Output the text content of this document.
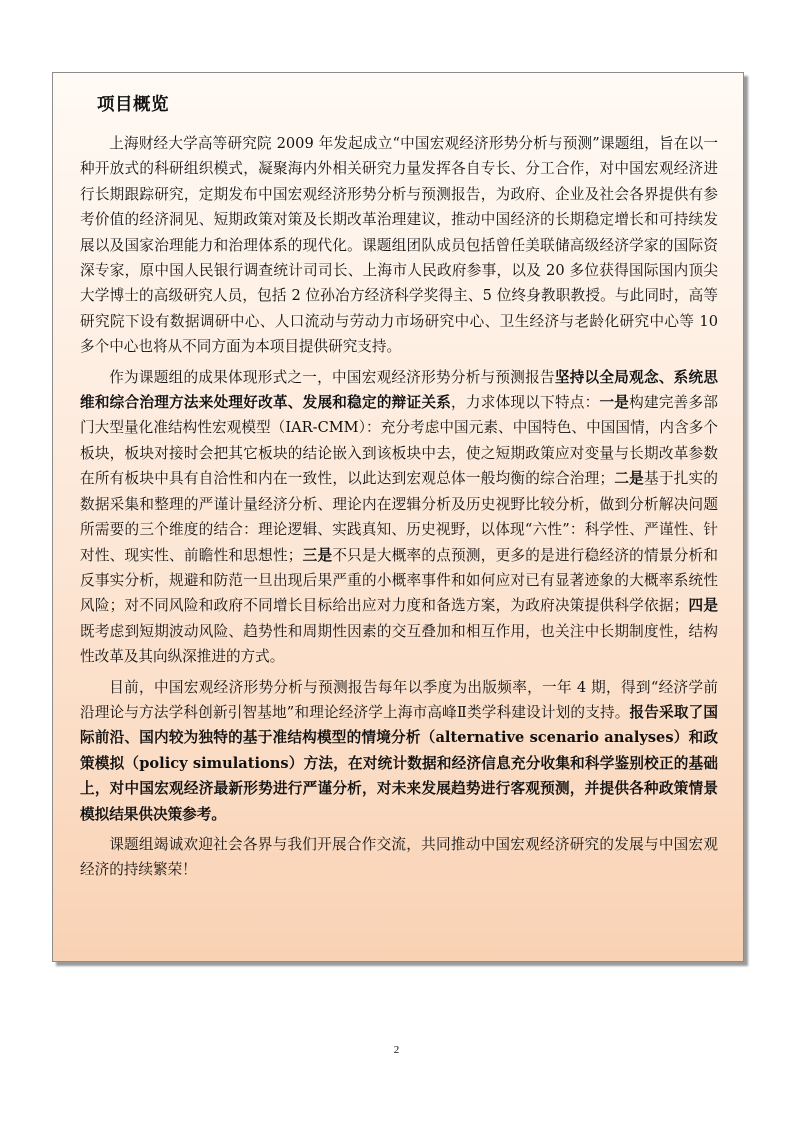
项目概览

上海财经大学高等研究院 2009 年发起成立“中国宏观经济形势分析与预测”课题组，旨在以一种开放式的科研组织模式，凝聚海内外相关研究力量发挥各自专长、分工合作，对中国宏观经济进行长期跟踪研究，定期发布中国宏观经济形势分析与预测报告，为政府、企业及社会各界提供有参考价值的经济洞见、短期政策对策及长期改革治理建议，推动中国经济的长期稳定增长和可持续发展以及国家治理能力和治理体系的现代化。课题组团队成员包括曾任美联储高级经济学家的国际资深专家，原中国人民银行调查统计司司长、上海市人民政府参事，以及 20 多位获得国际国内顶尖大学博士的高级研究人员，包括 2 位孙冶方经济科学奖得主、5 位终身教职教授。与此同时，高等研究院下设有数据调研中心、人口流动与劳动力市场研究中心、卫生经济与老龄化研究中心等 10 多个中心也将从不同方面为本项目提供研究支持。

作为课题组的成果体现形式之一，中国宏观经济形势分析与预测报告坚持以全局观念、系统思维和综合治理方法来处理好改革、发展和稳定的辩证关系，力求体现以下特点：一是构建完善多部门大型量化准结构性宏观模型（IAR-CMM）：充分考虑中国元素、中国特色、中国国情，内含多个板块，板块对接时会把其它板块的结论嵌入到该板块中去，使之短期政策应对变量与长期改革参数在所有板块中具有自洽性和内在一致性，以此达到宏观总体一般均衡的综合治理；二是基于扎实的数据采集和整理的严谨计量经济分析、理论内在逻辑分析及历史视野比较分析，做到分析解决问题所需要的三个维度的结合：理论逻辑、实践真知、历史视野，以体现“六性”：科学性、严谨性、针对性、现实性、前瞻性和思想性；三是不只是大概率的点预测，更多的是进行稳经济的情景分析和反事实分析，规避和防范一旦出现后果严重的小概率事件和如何应对已有显著迹象的大概率系统性风险；对不同风险和政府不同增长目标给出应对力度和备选方案，为政府决策提供科学依据；四是既考虑到短期波动风险、趋势性和周期性因素的交互叠加和相互作用，也关注中长期制度性，结构性改革及其向纵深推进的方式。

目前，中国宏观经济形势分析与预测报告每年以季度为出版频率，一年 4 期，得到“经济学前沿理论与方法学科创新引智基地”和理论经济学上海市高峰Ⅱ类学科建设计划的支持。报告采取了国际前沿、国内较为独特的基于准结构模型的情境分析（alternative scenario analyses）和政策模拟（policy simulations）方法，在对统计数据和经济信息充分收集和科学鉴别校正的基础上，对中国宏观经济最新形势进行严谨分析，对未来发展趋势进行客观预测，并提供各种政策情景模拟结果供决策参考。

课题组竭诚欢迎社会各界与我们开展合作交流，共同推动中国宏观经济研究的发展与中国宏观经济的持续繁荣！

2
